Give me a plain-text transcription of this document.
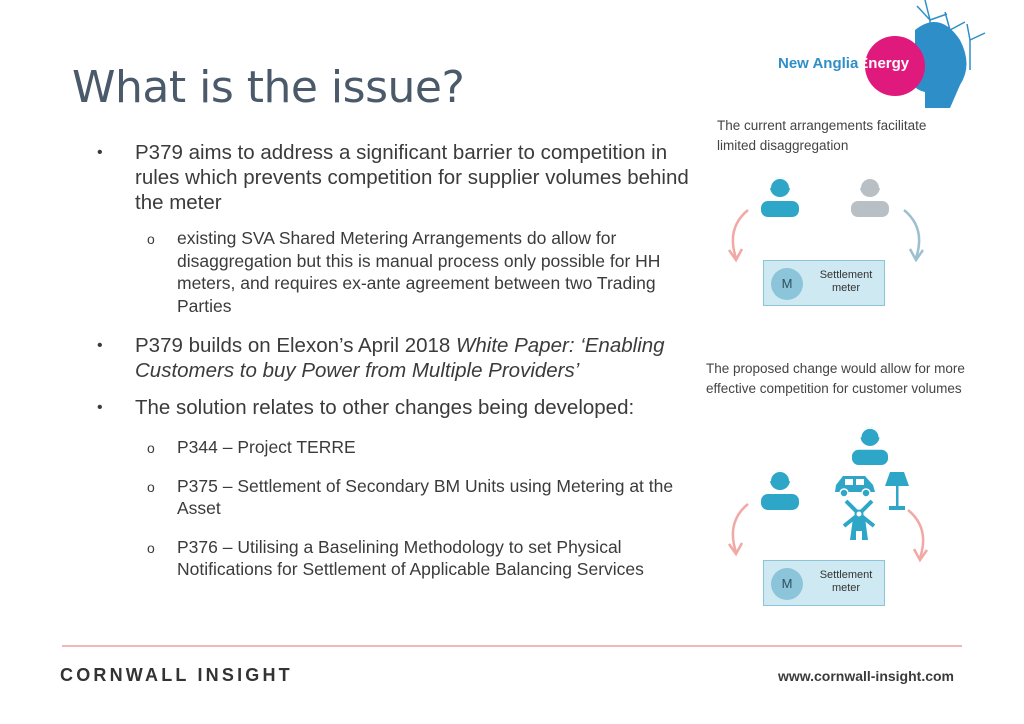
What is the issue?
• P379 aims to address a significant barrier to competition in rules which prevents competition for supplier volumes behind the meter
o existing SVA Shared Metering Arrangements do allow for disaggregation but this is manual process only possible for HH meters, and requires ex-ante agreement between two Trading Parties
• P379 builds on Elexon’s April 2018 White Paper: ‘Enabling Customers to buy Power from Multiple Providers’
• The solution relates to other changes being developed:
o P344 – Project TERRE
o P375 – Settlement of Secondary BM Units using Metering at the Asset
o P376 – Utilising a Baselining Methodology to set Physical Notifications for Settlement of Applicable Balancing Services
New AngliaEnergy
The current arrangements facilitate limited disaggregation
M
Settlement meter
The proposed change would allow for more effective competition for customer volumes
M
Settlement meter
CORNWALL INSIGHT	www.cornwall-insight.com
